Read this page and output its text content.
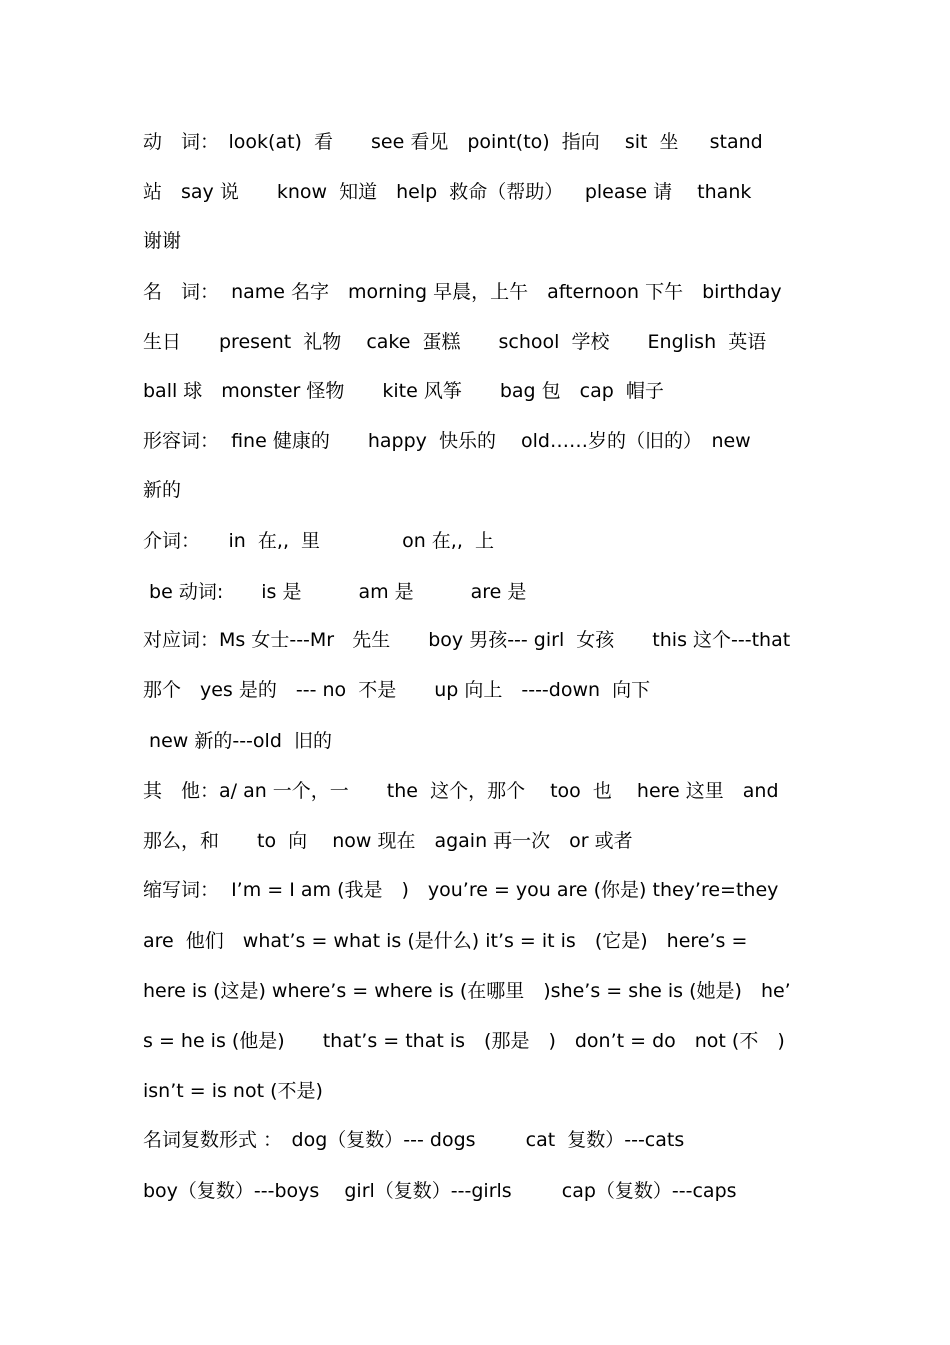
动　词：　look(at)  看　　see 看见　point(to)  指向　 sit  坐　  stand
站　say 说　　know  知道　help  救命（帮助）　  please 请　 thank
谢谢
名　词：  name 名字　morning 早晨，上午　afternoon 下午　birthday
生日　　present  礼物　 cake  蛋糕　　school  学校　　English  英语
ball 球　monster 怪物　　kite 风筝　　bag 包　cap  帽子
形容词：  fine 健康的　　happy  快乐的　 old……岁的（旧的）　new
新的
介词：　　in  在,,  里　　　　 on 在,,  上
be 动词:　　is 是　　　am 是　　　are 是
对应词：Ms 女士---Mr   先生　　boy 男孩--- girl  女孩　　this 这个---that
那个　yes 是的　--- no  不是　　up 向上　----down  向下
new 新的---old  旧的
其　他：a/ an 一个，一　　the  这个，那个　 too  也　 here 这里　and
那么，和　　to  向　 now 现在　again 再一次　or 或者
缩写词：  I’m = I am (我是　)　you’re = you are (你是) they’re=they
are  他们　what’s = what is (是什么) it’s = it is　(它是)　here’s =
here is (这是) where’s = where is (在哪里　)she’s = she is (她是)　he’
s = he is (他是)　　that’s = that is　(那是　)　don’t = do　not (不　)
isn’t = is not (不是)
名词复数形式 ：　dog（复数）--- dogs　　  cat  复数）---cats
boy（复数）---boys　 girl（复数）---girls　　  cap（复数）---caps
